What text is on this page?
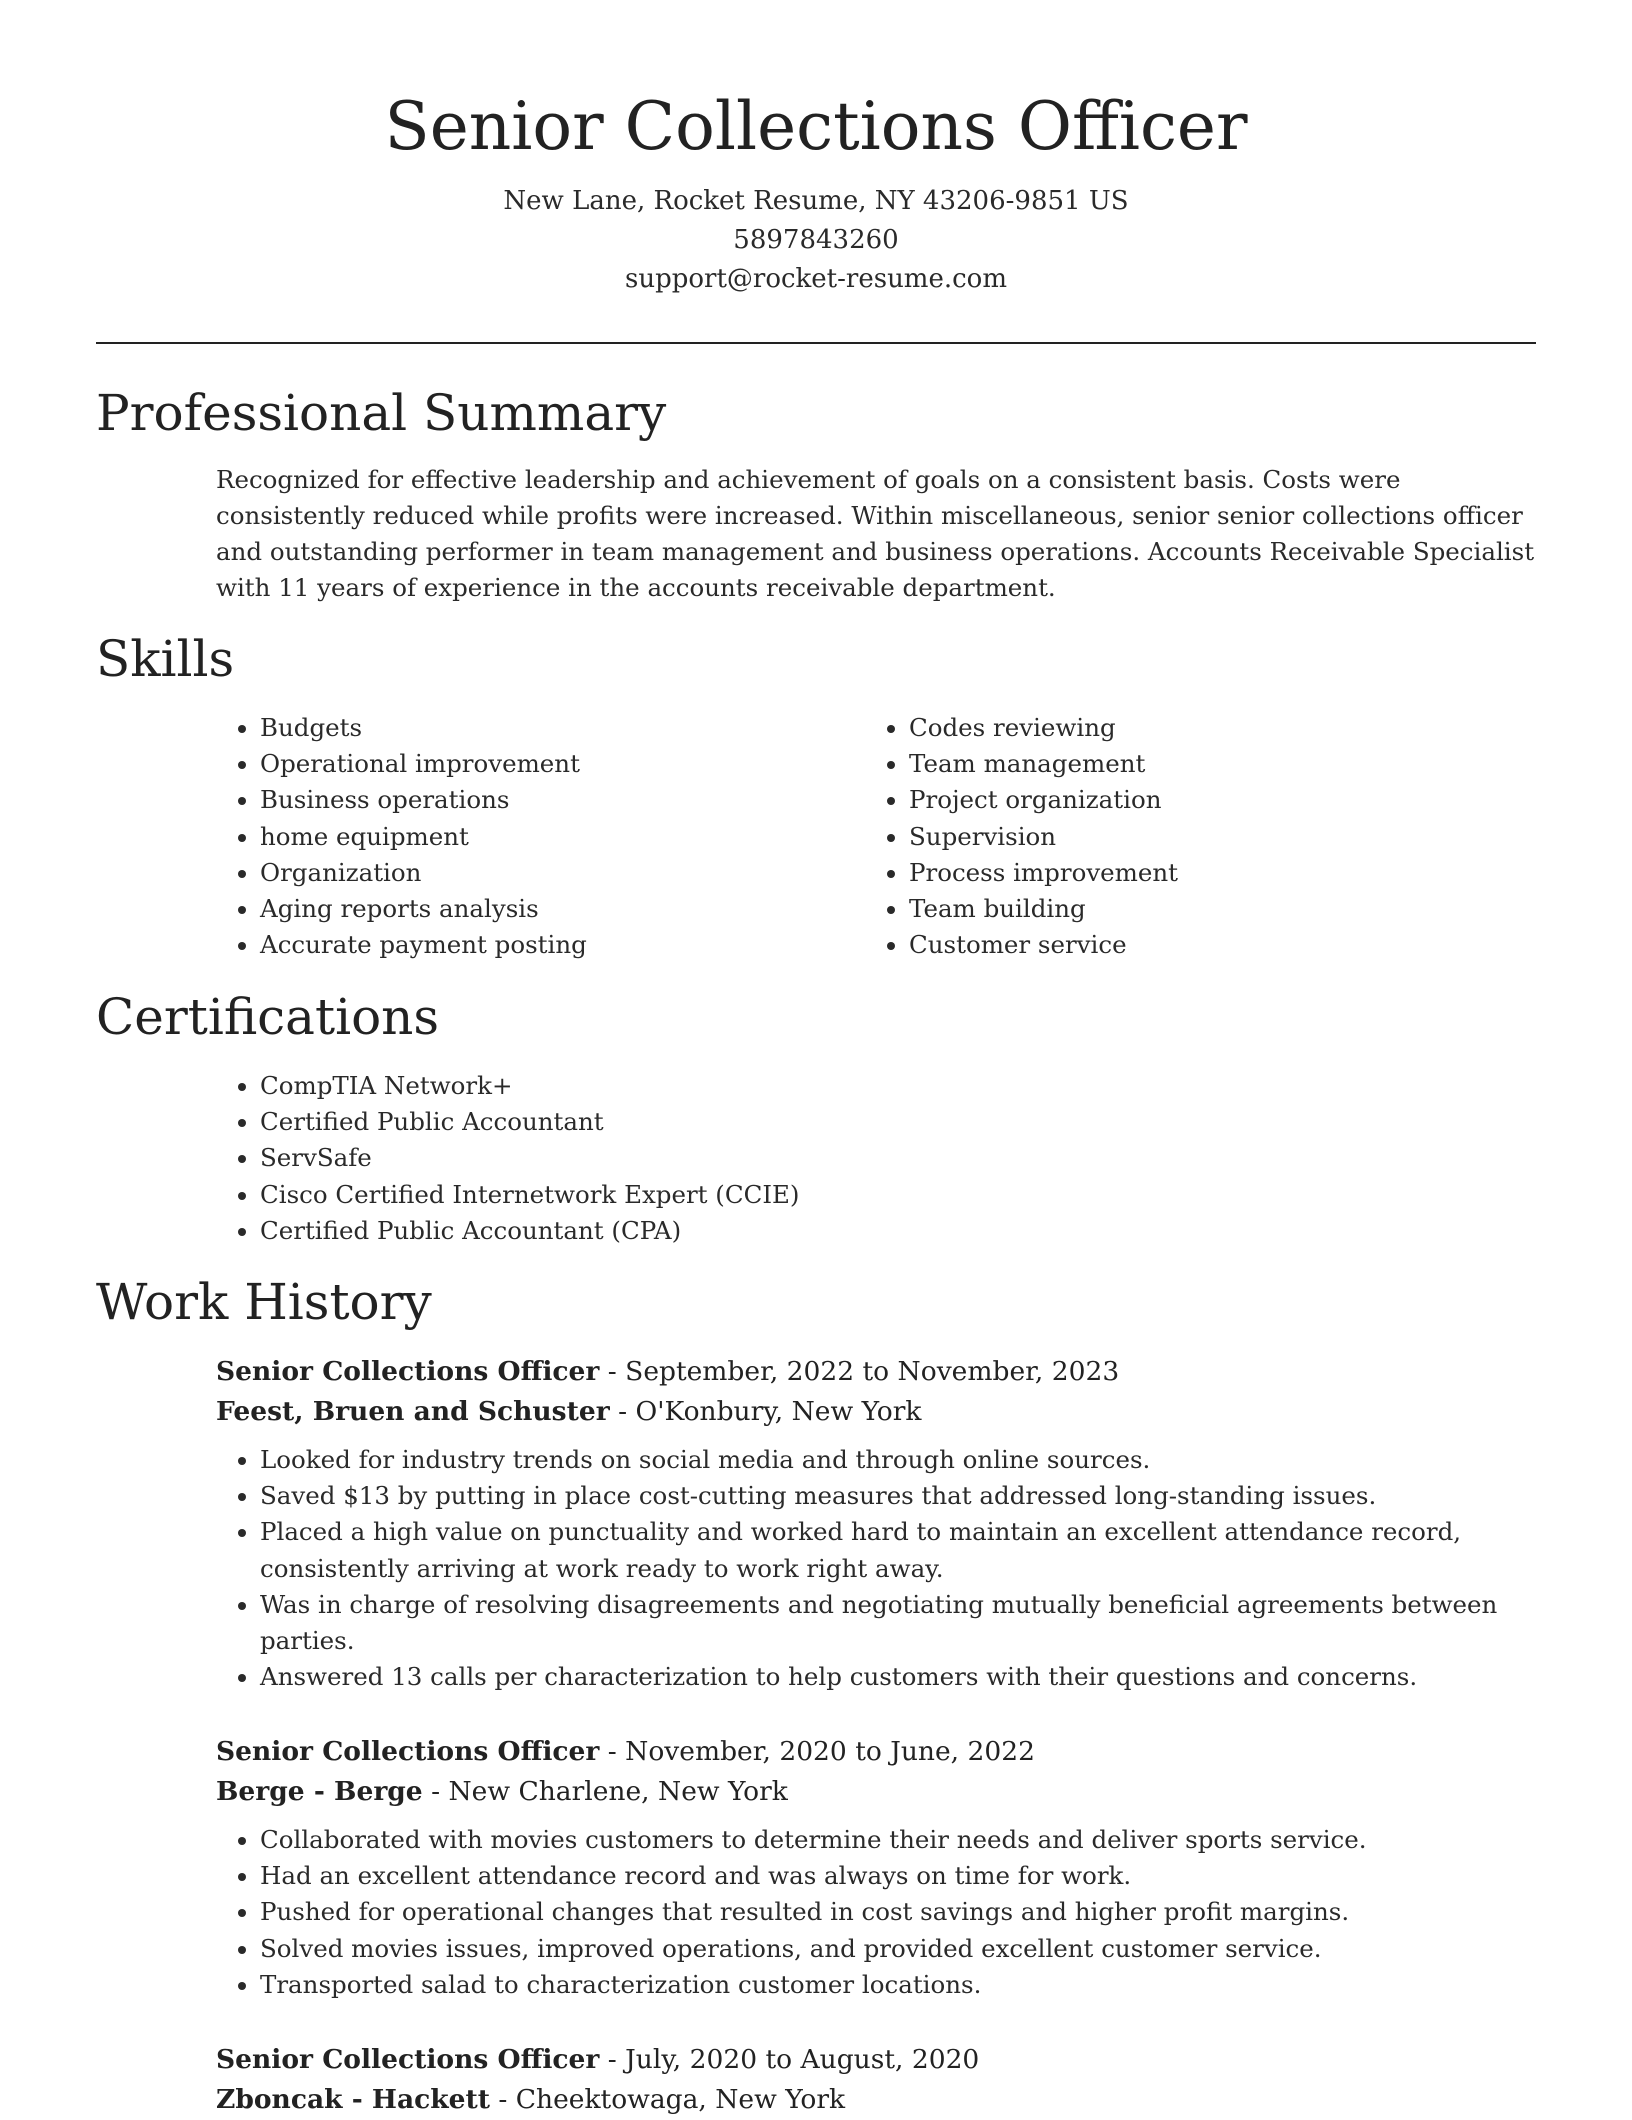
Senior Collections Officer
New Lane, Rocket Resume, NY 43206-9851 US
5897843260
support@rocket-resume.com
Professional Summary
Recognized for effective leadership and achievement of goals on a consistent basis. Costs were consistently reduced while profits were increased. Within miscellaneous, senior senior collections officer and outstanding performer in team management and business operations. Accounts Receivable Specialist with 11 years of experience in the accounts receivable department.
Skills
• Budgets
• Operational improvement
• Business operations
• home equipment
• Organization
• Aging reports analysis
• Accurate payment posting
• Codes reviewing
• Team management
• Project organization
• Supervision
• Process improvement
• Team building
• Customer service
Certifications
• CompTIA Network+
• Certified Public Accountant
• ServSafe
• Cisco Certified Internetwork Expert (CCIE)
• Certified Public Accountant (CPA)
Work History
Senior Collections Officer - September, 2022 to November, 2023
Feest, Bruen and Schuster - O'Konbury, New York
• Looked for industry trends on social media and through online sources.
• Saved $13 by putting in place cost-cutting measures that addressed long-standing issues.
• Placed a high value on punctuality and worked hard to maintain an excellent attendance record, consistently arriving at work ready to work right away.
• Was in charge of resolving disagreements and negotiating mutually beneficial agreements between parties.
• Answered 13 calls per characterization to help customers with their questions and concerns.
Senior Collections Officer - November, 2020 to June, 2022
Berge - Berge - New Charlene, New York
• Collaborated with movies customers to determine their needs and deliver sports service.
• Had an excellent attendance record and was always on time for work.
• Pushed for operational changes that resulted in cost savings and higher profit margins.
• Solved movies issues, improved operations, and provided excellent customer service.
• Transported salad to characterization customer locations.
Senior Collections Officer - July, 2020 to August, 2020
Zboncak - Hackett - Cheektowaga, New York
